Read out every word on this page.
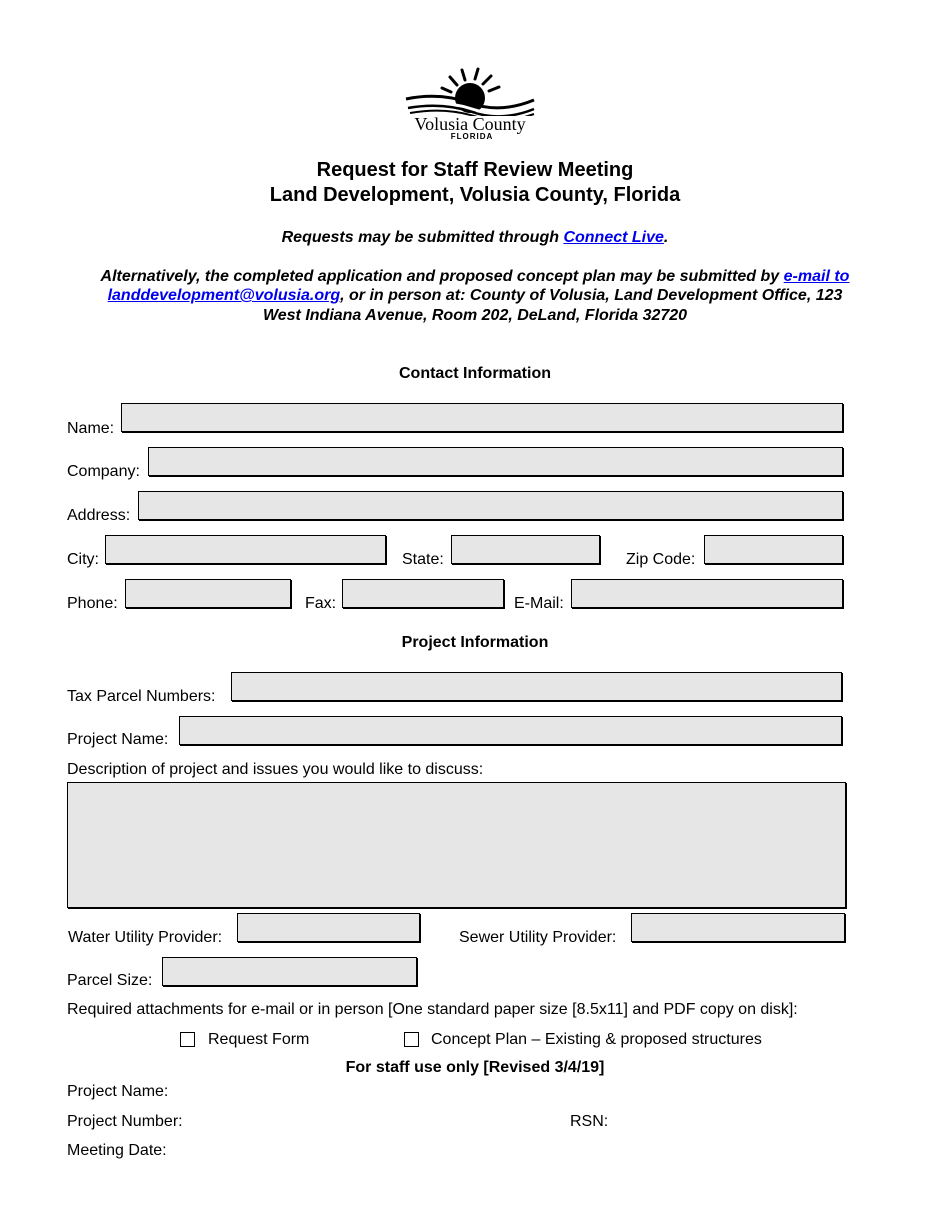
Volusia County
FLORIDA
Request for Staff Review Meeting
Land Development, Volusia County, Florida
Requests may be submitted through Connect Live.
Alternatively, the completed application and proposed concept plan may be submitted by e-mail to
landdevelopment@volusia.org, or in person at: County of Volusia, Land Development Office, 123
West Indiana Avenue, Room 202, DeLand, Florida 32720
Contact Information
Name:
Company:
Address:
City:	State:	Zip Code:
Phone:	Fax:	E-Mail:
Project Information
Tax Parcel Numbers:
Project Name:
Description of project and issues you would like to discuss:
Water Utility Provider:	Sewer Utility Provider:
Parcel Size:
Required attachments for e-mail or in person [One standard paper size [8.5x11] and PDF copy on disk]:
Request Form	Concept Plan – Existing & proposed structures
For staff use only [Revised 3/4/19]
Project Name:
Project Number:	RSN:
Meeting Date:
